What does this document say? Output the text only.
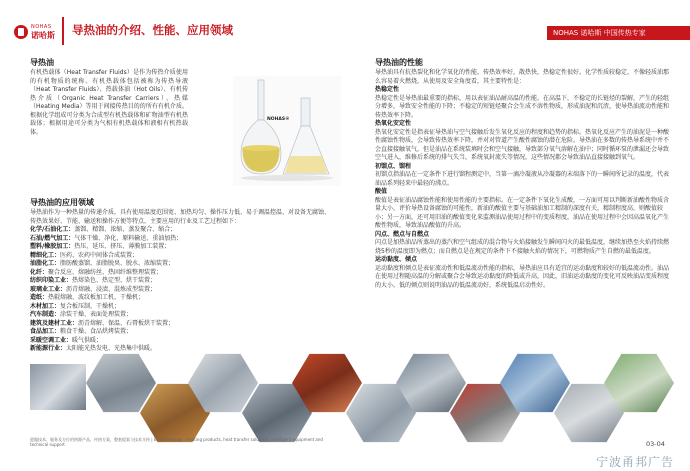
NOHAS
诺哈斯 导热油的介绍、性能、应用领域	NOHAS 诺哈斯 中国传热专家
导热油

有机热载体（Heat Transfer Fluids）是作为传热介质使用的有机物质的统称。有机热载体包括被称为传热导液（Heat Transfer Fluids）、热载体油（Hot Oils）、有机传热介质（Organic Heat Transfer Carriers）、热媒（Heating Media）等用于间接传热目的的所有有机介质。根据化学组成可分类为合成型有机热载体和矿物油型有机热载体；根据用途可分类为气相有机热载体和液相有机热载体。

NOHAS®
导热油的应用领域

导热油作为一种热量的传递介质，具有使用温度范围宽、加热均匀、操作压力低、易于调温控温、对设备无腐蚀、传热效果好、节能、输送和操作方便等特点，主要应用的行业及工艺过程如下：

化学/石油化工：蒸馏、精馏、浓缩、蒸发聚合、缩合；

石油/燃气加工：气体干燥、净化、原料输送、重油加热；

塑料/橡胶加工：热压、延压、挤压、薄膜加工装置；

精细化工：医药、农药中间体合成装置；

油脂化工：脂肪酸蒸馏、油脂脱臭、脱水、浓缩装置；

化纤：聚合反应、熔融纺丝、热固纤维整理装置；

纺织印染工业：热熔染色、热定型、烘干装置；

玻璃业工业：沥青熔融、浸渍、混炼成型装置；

造纸：热辊熔融、波纹板加工机、干燥机；

木材加工：复合板压制、干燥机；

汽车制造：涂装干燥、表面处理装置；

建筑及建材工业：沥青熔解、保温、石膏板烘干装置；

食品加工：粮食干燥、食品烘烤装置；

采暖空调工业：暖气供暖；

新能源行业：太阳能光热发电、光热集中供暖。

导热油的性能

导热油具有抗热裂化和化学氧化的性能，传热效率好，散热快，热稳定性很好。化学性质较稳定，不像轻质油那么容易着火燃烧，从使用及安全角度看，其主要特性是：

热稳定性

热稳定性是导热油最重要的指标，用以表征油品耐高温的性能。在高温下，不稳定的长链烃的裂解，产生的轻组分增多，导致安全性能的下降；不稳定的短链烃聚合会生成不溶性物质，形成油泥和沉渣，使导热油流动性能和传热效率下降。

热氧化安定性

热氧化安定性是指表征导热油与空气接触后发生氧化反应的程度和趋势的指标。热氧化反应产生的油泥是一种酸性腐蚀性物质，会导致传热效率下降，并对对管道产生酸性腐蚀的潜在危险。导热油在多数的传热导系统中并不会直接接触氧气，但是油品在系统装填时会和空气接触，导致部分氧气溶解在油中；同时循环泵的泄漏还会导致空气进入，维修后系统的排气失当，系统氧封流失等情况，这些情况都会导致油品直接接触到氧气。

初馏点、馏程

初馏点指油品在一定条件下进行馏程测定中，当第一滴冷凝液从冷凝器的末端落下的一瞬间所记录的温度，代表油品系列轻来中最轻的沸点。

酸值

酸值是表征油品腐蚀性能和使用性能的主要指标。在一定条件下氧化生成酸，一方面可用以判断新油酸性物质含量大小，评价导热设备腐蚀的可能性，新油的酸值主要与基础油加工精制的深度有关，精制程度高，则酸值较小；另一方面，还可用旧油的酸值变化来监测油品使用过程中的变质程度，油品在使用过程中会因高温氧化产生酸性物质，导致油品酸值的升高。

闪点、燃点与自燃点

闪点是加热油品所蒸出的蒸汽和空气组成的混合物与火焰接触发生瞬间闪火的最低温度，继续加热至火焰持续燃烧5秒的温度即为燃点；而自燃点是在规定的条件下不接触火焰的情况下，可燃物质产生自燃的最低温度。

运动黏度、倾点

运动黏度和倾点是表征流动性和低温流动性能的指标，导热油应具有适宜的运动黏度和较好的低温流动性。油品在使用过程随高温的分解或聚合会导致运动黏度的降低或升高，因此，旧油运动黏度的变化可反映油品变质程度的大小。低的倾点则说明油品的低温流动好，系统低温启动性好。

愿做技术、服务及方位的热源产品，传热方案，整套提案与技术支持 | EP Technology · Heating products, heat transfer solutions, intelligent equipment and technical support	03-04
宁波甬邦广告
